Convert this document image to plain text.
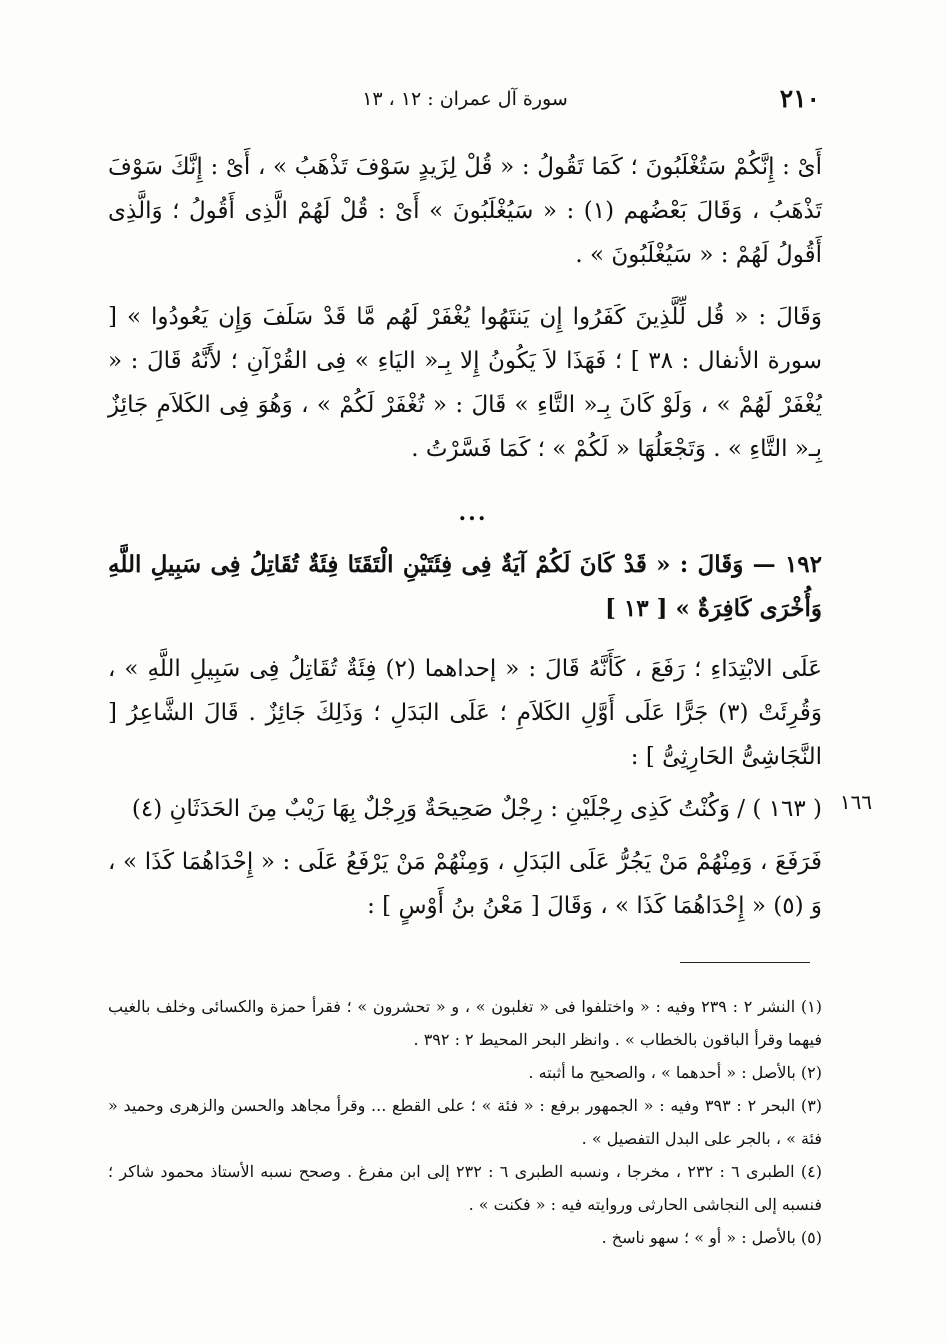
٢١٠
سورة آل عمران : ١٢ ، ١٣

أَىْ : إِنَّكُمْ سَتُغْلَبُونَ ؛ كَمَا تَقُولُ : « قُلْ لِزَيدٍ سَوْفَ تَذْهَبُ » ، أَىْ : إِنَّكَ سَوْفَ تَذْهَبُ ، وَقَالَ بَعْضُهم (١) : « سَيُغْلَبُونَ » أَىْ : قُلْ لَهُمْ الَّذِى أَقُولُ ؛ وَالَّذِى أَقُولُ لَهُمْ : « سَيُغْلَبُونَ » .

وَقَالَ : « قُل لِّلَّذِينَ كَفَرُوا إِن يَنتَهُوا يُغْفَرْ لَهُم مَّا قَدْ سَلَفَ وَإِن يَعُودُوا » [ سورة الأنفال : ٣٨ ] ؛ فَهَذَا لاَ يَكُونُ إِلا بِـ« اليَاءِ » فِى القُرْآنِ ؛ لأَنَّهُ قَالَ : « يُغْفَرْ لَهُمْ » ، وَلَوْ كَانَ بِـ« التَّاءِ » قَالَ : « تُغْفَرْ لَكُمْ » ، وَهُوَ فِى الكَلاَمِ جَائِزٌ بِـ« التَّاءِ » . وَتَجْعَلُهَا « لَكُمْ » ؛ كَمَا فَسَّرْتُ .

...

١٩٢ — وَقَالَ : « قَدْ كَانَ لَكُمْ آيَةٌ فِى فِئَتَيْنِ الْتَقَتَا فِئَةٌ تُقَاتِلُ فِى سَبِيلِ اللَّهِ وَأُخْرَى كَافِرَةٌ » [ ١٣ ]

عَلَى الابْتِدَاءِ ؛ رَفَعَ ، كَأَنَّهُ قَالَ : « إحداهما (٢) فِئَةٌ تُقَاتِلُ فِى سَبِيلِ اللَّهِ » ، وَقُرِئَتْ (٣) جَرًّا عَلَى أَوَّلِ الكَلاَمِ ؛ عَلَى البَدَلِ ؛ وَذَلِكَ جَائِزٌ . قَالَ الشَّاعِرُ [ النَّجَاشِىُّ الحَارِثِىُّ ] :

( ١٦٣ ) / وَكُنْتُ كَذِى رِجْلَيْنِ : رِجْلٌ صَحِيحَةٌ وَرِجْلٌ بِهَا رَيْبٌ مِنَ الحَدَثَانِ (٤) ١٦٦

فَرَفَعَ ، وَمِنْهُمْ مَنْ يَجُرُّ عَلَى البَدَلِ ، وَمِنْهُمْ مَنْ يَرْفَعُ عَلَى : « إِحْدَاهُمَا كَذَا » ، وَ (٥) « إِحْدَاهُمَا كَذَا » ، وَقَالَ [ مَعْنُ بنُ أَوْسٍ ] :

(١) النشر ٢ : ٢٣٩ وفيه : « واختلفوا فى « تغلبون » ، و « تحشرون » ؛ فقرأ حمزة والكسائى وخلف بالغيب فيهما وقرأ الباقون بالخطاب » . وانظر البحر المحيط ٢ : ٣٩٢ .

(٢) بالأصل : « أحدهما » ، والصحيح ما أثبته .

(٣) البحر ٢ : ٣٩٣ وفيه : « الجمهور برفع : « فئة » ؛ على القطع ... وقرأ مجاهد والحسن والزهرى وحميد « فئة » ، بالجر على البدل التفصيل » .

(٤) الطبرى ٦ : ٢٣٢ ، مخرجا ، ونسبه الطبرى ٦ : ٢٣٢ إلى ابن مفرغ . وصحح نسبه الأستاذ محمود شاكر ؛ فنسبه إلى النجاشى الحارثى وروايته فيه : « فكنت » .

(٥) بالأصل : « أو » ؛ سهو ناسخ .
